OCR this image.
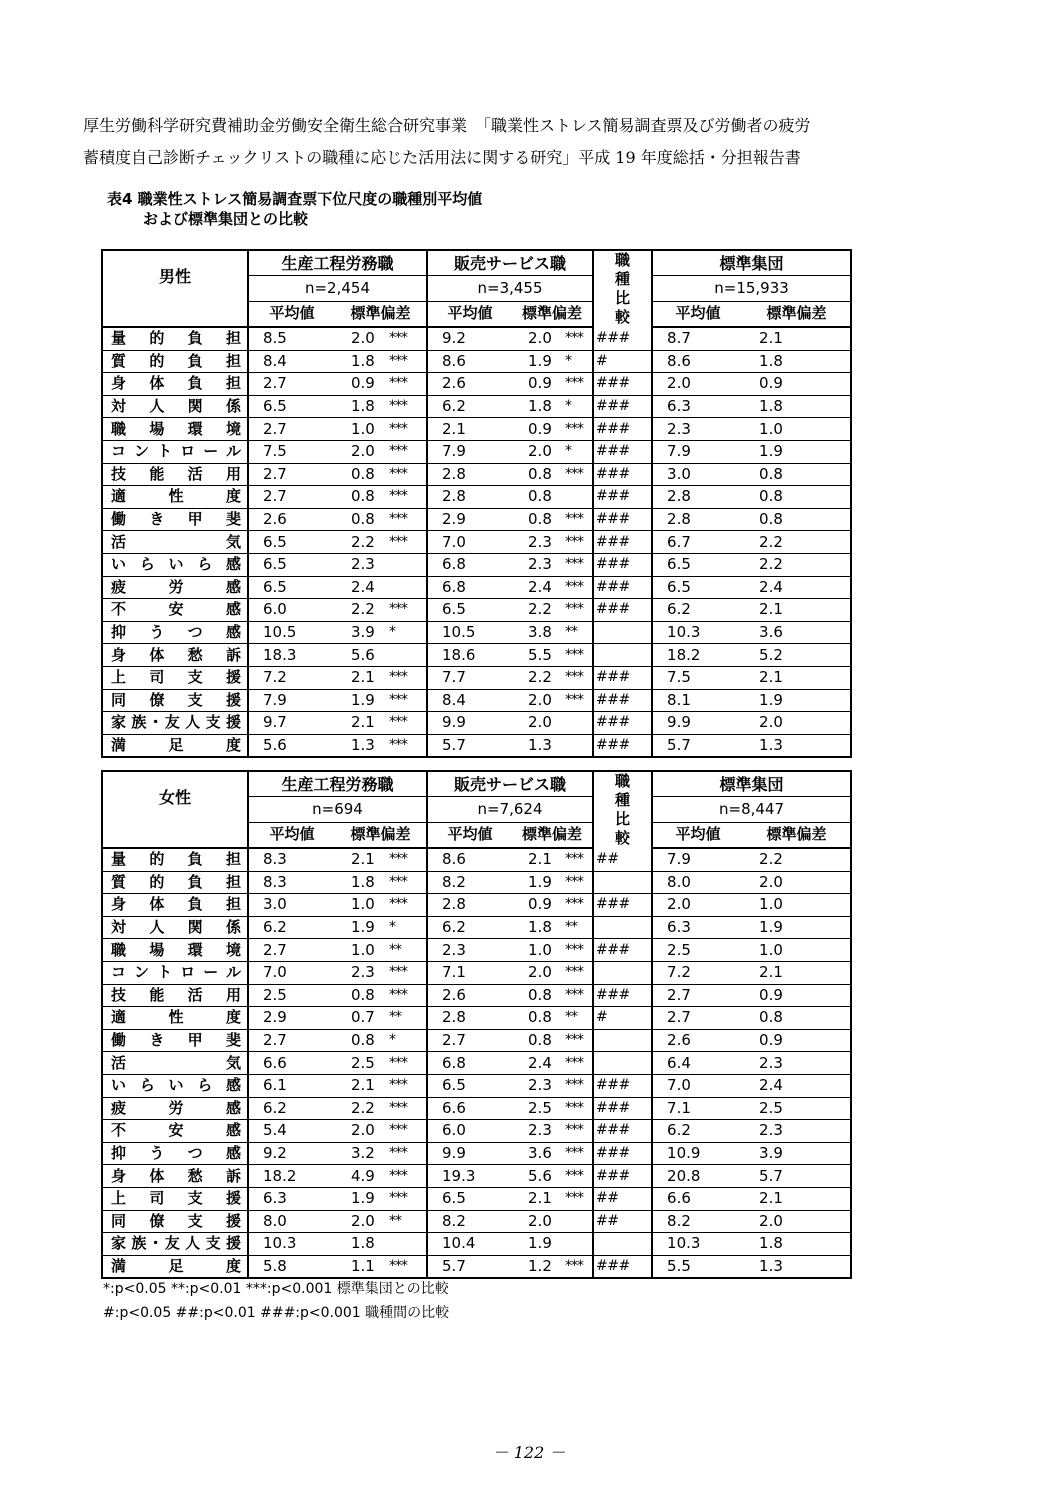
厚生労働科学研究費補助金労働安全衛生総合研究事業　「職業性ストレス簡易調査票及び労働者の疲労
蓄積度自己診断チェックリストの職種に応じた活用法に関する研究」平成 19 年度総括・分担報告書
表4 職業性ストレス簡易調査票下位尺度の職種別平均値
および標準集団との比較
男性	生産工程労務職			販売サービス職			職種比較	標準集団	
	n=2,454			n=3,455				n=15,933	
	平均値	標準偏差		平均値	標準偏差			平均値	標準偏差
量的負担	8.5	2.0	***	9.2	2.0	***	###	8.7	2.1
質的負担	8.4	1.8	***	8.6	1.9	*	#	8.6	1.8
身体負担	2.7	0.9	***	2.6	0.9	***	###	2.0	0.9
対人関係	6.5	1.8	***	6.2	1.8	*	###	6.3	1.8
職場環境	2.7	1.0	***	2.1	0.9	***	###	2.3	1.0
コントロール	7.5	2.0	***	7.9	2.0	*	###	7.9	1.9
技能活用	2.7	0.8	***	2.8	0.8	***	###	3.0	0.8
適性度	2.7	0.8	***	2.8	0.8		###	2.8	0.8
働き甲斐	2.6	0.8	***	2.9	0.8	***	###	2.8	0.8
活気	6.5	2.2	***	7.0	2.3	***	###	6.7	2.2
いらいら感	6.5	2.3		6.8	2.3	***	###	6.5	2.2
疲労感	6.5	2.4		6.8	2.4	***	###	6.5	2.4
不安感	6.0	2.2	***	6.5	2.2	***	###	6.2	2.1
抑うつ感	10.5	3.9	*	10.5	3.8	**		10.3	3.6
身体愁訴	18.3	5.6		18.6	5.5	***		18.2	5.2
上司支援	7.2	2.1	***	7.7	2.2	***	###	7.5	2.1
同僚支援	7.9	1.9	***	8.4	2.0	***	###	8.1	1.9
家族･友人支援	9.7	2.1	***	9.9	2.0		###	9.9	2.0
満足度	5.6	1.3	***	5.7	1.3		###	5.7	1.3
女性	生産工程労務職			販売サービス職			職種比較	標準集団	
	n=694			n=7,624				n=8,447	
	平均値	標準偏差		平均値	標準偏差			平均値	標準偏差
量的負担	8.3	2.1	***	8.6	2.1	***	##	7.9	2.2
質的負担	8.3	1.8	***	8.2	1.9	***		8.0	2.0
身体負担	3.0	1.0	***	2.8	0.9	***	###	2.0	1.0
対人関係	6.2	1.9	*	6.2	1.8	**		6.3	1.9
職場環境	2.7	1.0	**	2.3	1.0	***	###	2.5	1.0
コントロール	7.0	2.3	***	7.1	2.0	***		7.2	2.1
技能活用	2.5	0.8	***	2.6	0.8	***	###	2.7	0.9
適性度	2.9	0.7	**	2.8	0.8	**	#	2.7	0.8
働き甲斐	2.7	0.8	*	2.7	0.8	***		2.6	0.9
活気	6.6	2.5	***	6.8	2.4	***		6.4	2.3
いらいら感	6.1	2.1	***	6.5	2.3	***	###	7.0	2.4
疲労感	6.2	2.2	***	6.6	2.5	***	###	7.1	2.5
不安感	5.4	2.0	***	6.0	2.3	***	###	6.2	2.3
抑うつ感	9.2	3.2	***	9.9	3.6	***	###	10.9	3.9
身体愁訴	18.2	4.9	***	19.3	5.6	***	###	20.8	5.7
上司支援	6.3	1.9	***	6.5	2.1	***	##	6.6	2.1
同僚支援	8.0	2.0	**	8.2	2.0		##	8.2	2.0
家族･友人支援	10.3	1.8		10.4	1.9			10.3	1.8
満足度	5.8	1.1	***	5.7	1.2	***	###	5.5	1.3
*:p<0.05 **:p<0.01 ***:p<0.001 標準集団との比較
#:p<0.05 ##:p<0.01 ###:p<0.001 職種間の比較
－ 122 －
